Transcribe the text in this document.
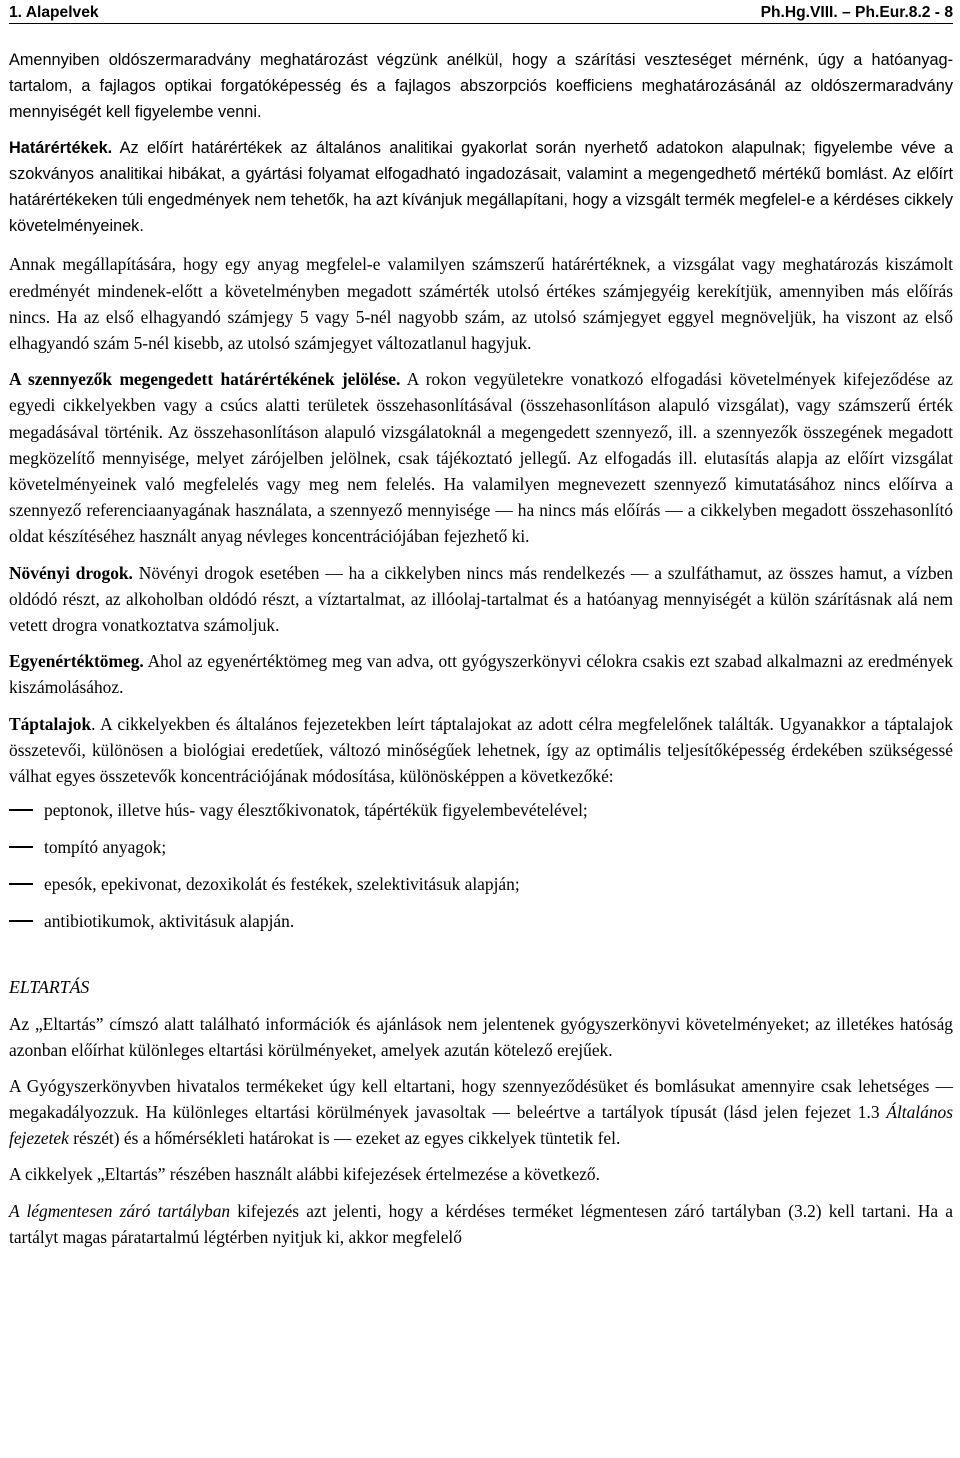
1. Alapelvek	Ph.Hg.VIII. – Ph.Eur.8.2 - 8

Amennyiben oldószermaradvány meghatározást végzünk anélkül, hogy a szárítási veszteséget mérnénk, úgy a hatóanyag-tartalom, a fajlagos optikai forgatóképesség és a fajlagos abszorpciós koefficiens meghatározásánál az oldószermaradvány mennyiségét kell figyelembe venni.

Határértékek. Az előírt határértékek az általános analitikai gyakorlat során nyerhető adatokon alapulnak; figyelembe véve a szokványos analitikai hibákat, a gyártási folyamat elfogadható ingadozásait, valamint a megengedhető mértékű bomlást. Az előírt határértékeken túli engedmények nem tehetők, ha azt kívánjuk megállapítani, hogy a vizsgált termék megfelel-e a kérdéses cikkely követelményeinek.

Annak megállapítására, hogy egy anyag megfelel-e valamilyen számszerű határértéknek, a vizsgálat vagy meghatározás kiszámolt eredményét mindenek-előtt a követelményben megadott számérték utolsó értékes számjegyéig kerekítjük, amennyiben más előírás nincs. Ha az első elhagyandó számjegy 5 vagy 5-nél nagyobb szám, az utolsó számjegyet eggyel megnöveljük, ha viszont az első elhagyandó szám 5-nél kisebb, az utolsó számjegyet változatlanul hagyjuk.

A szennyezők megengedett határértékének jelölése. A rokon vegyületekre vonatkozó elfogadási követelmények kifejeződése az egyedi cikkelyekben vagy a csúcs alatti területek összehasonlításával (összehasonlításon alapuló vizsgálat), vagy számszerű érték megadásával történik. Az összehasonlításon alapuló vizsgálatoknál a megengedett szennyező, ill. a szennyezők összegének megadott megközelítő mennyisége, melyet zárójelben jelölnek, csak tájékoztató jellegű. Az elfogadás ill. elutasítás alapja az előírt vizsgálat követelményeinek való megfelelés vagy meg nem felelés. Ha valamilyen megnevezett szennyező kimutatásához nincs előírva a szennyező referenciaanyagának használata, a szennyező mennyisége — ha nincs más előírás — a cikkelyben megadott összehasonlító oldat készítéséhez használt anyag névleges koncentrációjában fejezhető ki.

Növényi drogok. Növényi drogok esetében — ha a cikkelyben nincs más rendelkezés — a szulfáthamut, az összes hamut, a vízben oldódó részt, az alkoholban oldódó részt, a víztartalmat, az illóolaj-tartalmat és a hatóanyag mennyiségét a külön szárításnak alá nem vetett drogra vonatkoztatva számoljuk.

Egyenértéktömeg. Ahol az egyenértéktömeg meg van adva, ott gyógyszerkönyvi célokra csakis ezt szabad alkalmazni az eredmények kiszámolásához.

Táptalajok. A cikkelyekben és általános fejezetekben leírt táptalajokat az adott célra megfelelőnek találták. Ugyanakkor a táptalajok összetevői, különösen a biológiai eredetűek, változó minőségűek lehetnek, így az optimális teljesítőképesség érdekében szükségessé válhat egyes összetevők koncentrációjának módosítása, különösképpen a következőké:

peptonok, illetve hús- vagy élesztőkivonatok, tápértékük figyelembevételével;
tompító anyagok;
epesók, epekivonat, dezoxikolát és festékek, szelektivitásuk alapján;
antibiotikumok, aktivitásuk alapján.
ELTARTÁS

Az „Eltartás” címszó alatt található információk és ajánlások nem jelentenek gyógyszerkönyvi követelményeket; az illetékes hatóság azonban előírhat különleges eltartási körülményeket, amelyek azután kötelező erejűek.

A Gyógyszerkönyvben hivatalos termékeket úgy kell eltartani, hogy szennyeződésüket és bomlásukat amennyire csak lehetséges — megakadályozzuk. Ha különleges eltartási körülmények javasoltak — beleértve a tartályok típusát (lásd jelen fejezet 1.3 Általános fejezetek részét) és a hőmérsékleti határokat is — ezeket az egyes cikkelyek tüntetik fel.

A cikkelyek „Eltartás” részében használt alábbi kifejezések értelmezése a következő.

A légmentesen záró tartályban kifejezés azt jelenti, hogy a kérdéses terméket légmentesen záró tartályban (3.2) kell tartani. Ha a tartályt magas páratartalmú légtérben nyitjuk ki, akkor megfelelő
